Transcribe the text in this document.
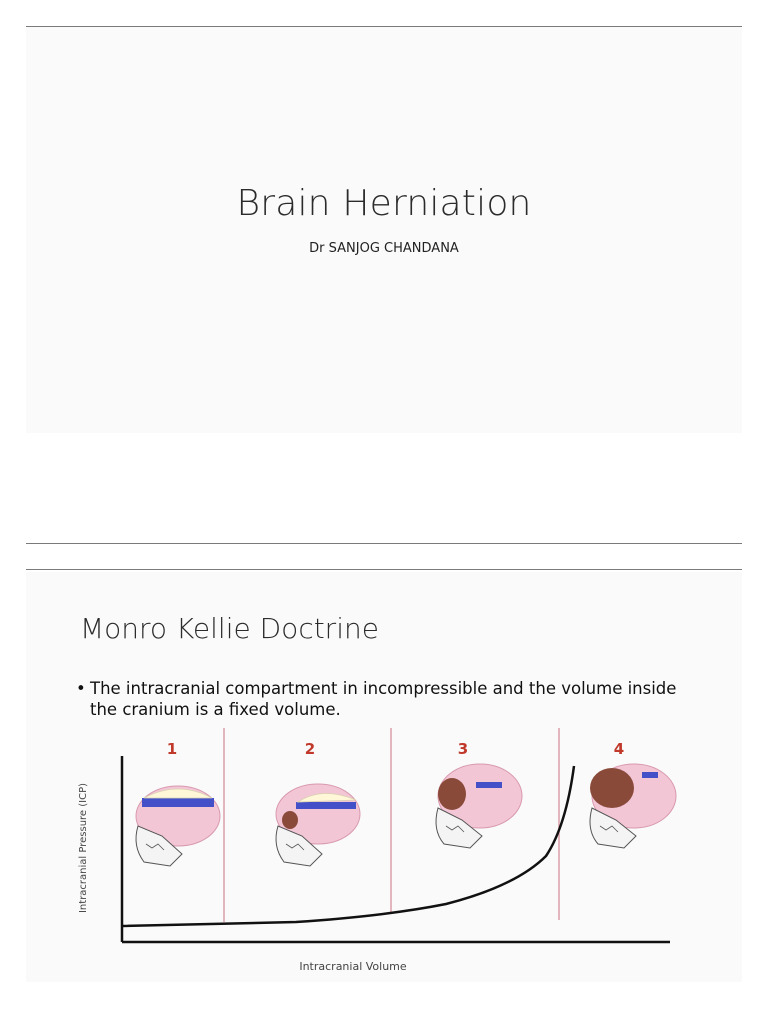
Brain Herniation
Dr SANJOG CHANDANA
Monro Kellie Doctrine
• The intracranial compartment in incompressible and the volume inside the cranium is a fixed volume.
1	2	3	4
Intracranial Volume
Intracranial Pressure (ICP)
